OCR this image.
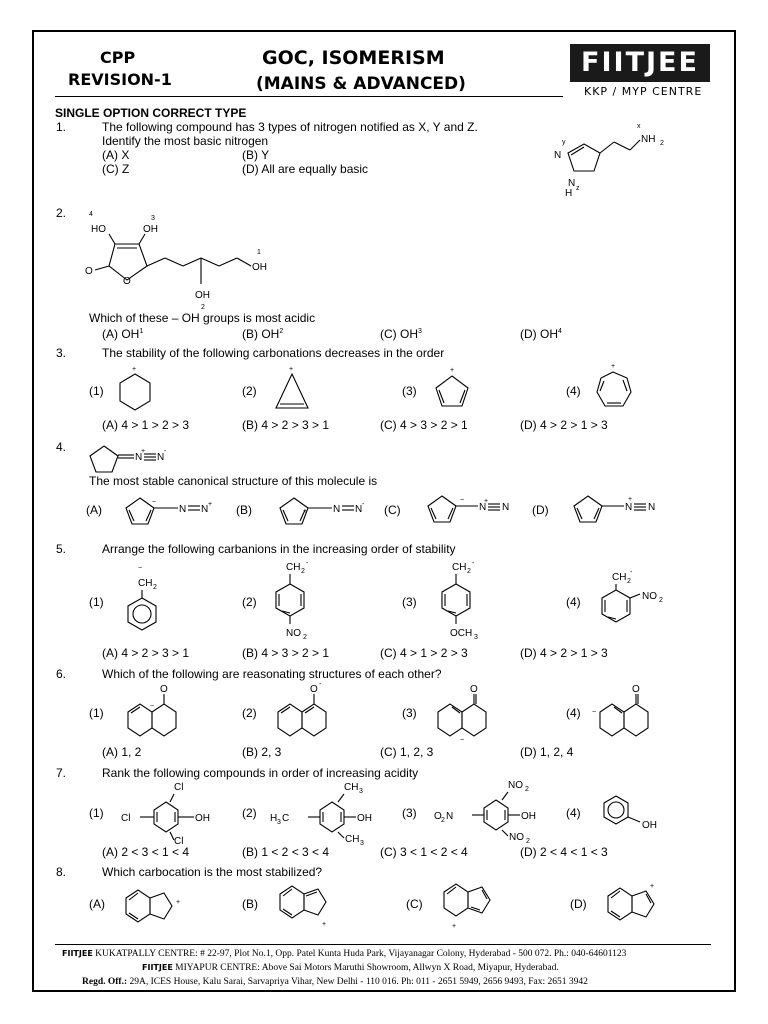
CPP
REVISION-1
GOC, ISOMERISM
(MAINS & ADVANCED)
FIITJEE
KKP / MYP CENTRE
SINGLE OPTION CORRECT TYPE
1.	The following compound has 3 types of nitrogen notified as X, Y and Z.
Identify the most basic nitrogen
(A) X	(B) Y
(C) Z	(D) All are equally basic
y
x
NH 2
N
H z
N
2.	4
3
HO	OH
O
O
OH
1
OH
2
Which of these – OH groups is most acidic
(A) $OH^1$	(B) $OH^2$	(C) $OH^3$	(D) $OH^4$
3.	The stability of the following carbonations decreases in the order
(1)
+
(2)
+
(3)
+
(4)
+
(A) 4 > 1 > 2 > 3	(B) 4 > 2 > 3 > 1	(C) 4 > 3 > 2 > 1	(D) 4 > 2 > 1 > 3
4.
N
+
N
-
The most stable canonical structure of this molecule is
(A)
−
N N + (B)	+	N N - (C)
−
N
+
N (D)	N
+
N
5.	Arrange the following carbanions in the increasing order of stability
(1)
−
CH 2
(2)
CH 2
-
NO 2
(3)
CH 2
-
OCH 3
(4)
CH 2
-
NO 2
(A) 4 > 2 > 3 > 1	(B) 4 > 3 > 2 > 1	(C) 4 > 1 > 2 > 3	(D) 4 > 2 > 1 > 3
6.	Which of the following are reasonating structures of each other?
(1)
O
−	(2)
O -
(3)
O
−
(4) −
O
(A) 1, 2	(B) 2, 3	(C) 1, 2, 3	(D) 1, 2, 4
7.	Rank the following compounds in order of increasing acidity
(1)
Cl
OH
Cl
Cl
(2)
CH 3
OH
H 3 C
CH 3
(3)
NO 2
OH
O 2 N
NO 2
(4)
OH
(A) 2 < 3 < 1 < 4	(B) 1 < 2 < 3 < 4	(C) 3 < 1 < 2 < 4	(D) 2 < 4 < 1 < 3
8.	Which carbocation is the most stabilized?
(A)	+	(B)
+
(C)
+
(D)
+
FIITJEE KUKATPALLY CENTRE: # 22-97, Plot No.1, Opp. Patel Kunta Huda Park, Vijayanagar Colony, Hyderabad - 500 072. Ph.: 040-64601123
FIITJEE MIYAPUR CENTRE: Above Sai Motors Maruthi Showroom, Allwyn X Road, Miyapur, Hyderabad.
Regd. Off.: 29A, ICES House, Kalu Sarai, Sarvapriya Vihar, New Delhi - 110 016. Ph: 011 - 2651 5949, 2656 9493, Fax: 2651 3942
